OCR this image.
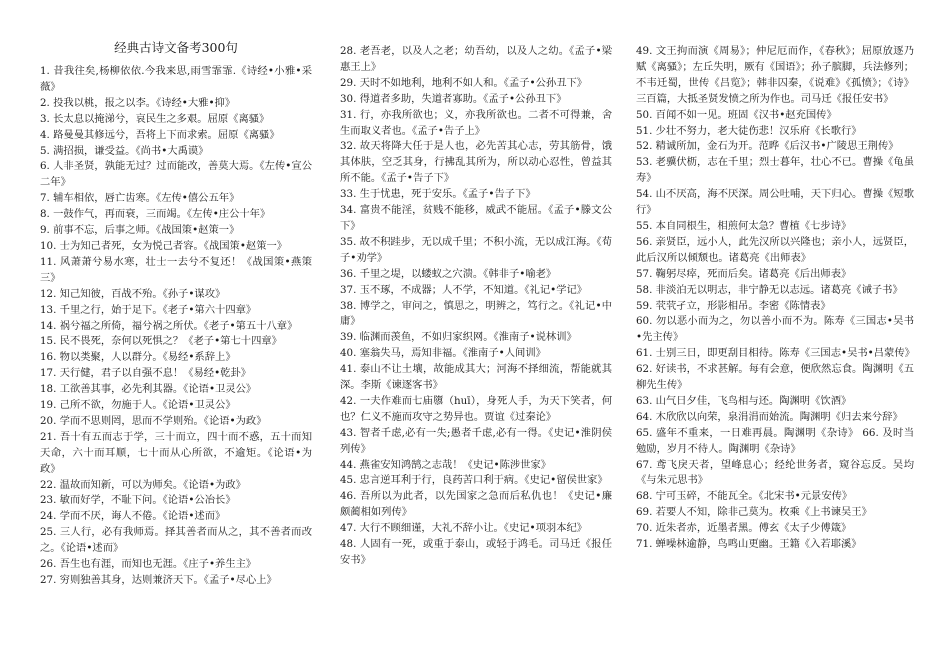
经典古诗文备考300句

1. 昔我往矣,杨柳依依.今我来思,雨雪霏霏.《诗经•小雅•采薇》

2. 投我以桃，报之以李。《诗经•大雅•抑》

3. 长太息以掩涕兮，哀民生之多艰。屈原《离骚》

4. 路曼曼其修远兮，吾将上下而求索。屈原《离骚》

5. 满招损，谦受益。《尚书•大禹谟》

6. 人非圣贤，孰能无过？过而能改，善莫大焉。《左传•宣公二年》

7. 辅车相依，唇亡齿寒。《左传•僖公五年》

8. 一鼓作气，再而衰，三而竭。《左传•庄公十年》

9. 前事不忘，后事之师。《战国策•赵策一》

10. 士为知己者死，女为悦己者容。《战国策•赵策一》

11. 风萧萧兮易水寒，壮士一去兮不复还！《战国策•燕策三》

12. 知己知彼，百战不殆。《孙子•谋攻》

13. 千里之行，始于足下。《老子•第六十四章》

14. 祸兮福之所倚，福兮祸之所伏。《老子•第五十八章》

15. 民不畏死，奈何以死惧之？《老子•第七十四章》

16. 物以类聚，人以群分。《易经•系辞上》

17. 天行健，君子以自强不息！《易经•乾卦》

18. 工欲善其事，必先利其器。《论语•卫灵公》

19. 己所不欲，勿施于人。《论语•卫灵公》

20. 学而不思则罔，思而不学则殆。《论语•为政》

21. 吾十有五而志于学，三十而立，四十而不惑，五十而知天命，六十而耳顺，七十而从心所欲，不逾矩。《论语•为政》

22. 温故而知新，可以为师矣。《论语•为政》

23. 敏而好学，不耻下问。《论语•公冶长》

24. 学而不厌，诲人不倦。《论语•述而》

25. 三人行，必有我师焉。择其善者而从之，其不善者而改之。《论语•述而》

26. 吾生也有涯，而知也无涯。《庄子•养生主》

27. 穷则独善其身，达则兼济天下。《孟子•尽心上》

28. 老吾老，以及人之老；幼吾幼，以及人之幼。《孟子•梁惠王上》

29. 天时不如地利，地利不如人和。《孟子•公孙丑下》

30. 得道者多助，失道者寡助。《孟子•公孙丑下》

31. 行，亦我所欲也；义，亦我所欲也。二者不可得兼，舍生而取义者也。《孟子•告子上》

32. 故天将降大任于是人也，必先苦其心志，劳其筋骨，饿其体肤，空乏其身，行拂乱其所为，所以动心忍性，曾益其所不能。《孟子•告子下》

33. 生于忧患，死于安乐。《孟子•告子下》

34. 富贵不能淫，贫贱不能移，威武不能屈。《孟子•滕文公下》

35. 故不积跬步，无以成千里；不积小流，无以成江海。《荀子•劝学》

36. 千里之堤，以蝼蚁之穴溃。《韩非子•喻老》

37. 玉不琢，不成器；人不学，不知道。《礼记•学记》

38. 博学之，审问之，慎思之，明辨之，笃行之。《礼记•中庸》

39. 临渊而羡鱼，不如归家织网。《淮南子•说林训》

40. 塞翁失马，焉知非福。《淮南子•人间训》

41. 泰山不让土壤，故能成其大；河海不择细流，帮能就其深。李斯《谏逐客书》

42. 一夫作难而七庙隳（huī），身死人手，为天下笑者，何也？仁义不施而攻守之势异也。贾谊《过秦论》

43. 智者千虑,必有一失;愚者千虑,必有一得。《史记•淮阴侯列传》

44. 燕雀安知鸿鹄之志哉！《史记•陈涉世家》

45. 忠言逆耳利于行，良药苦口利于病。《史记•留侯世家》

46. 吾所以为此者，以先国家之急而后私仇也！《史记•廉颇蔺相如列传》

47. 大行不顾细谨，大礼不辞小让。《史记•项羽本纪》

48. 人固有一死，或重于泰山，或轻于鸿毛。司马迁《报任安书》

49. 文王拘而演《周易》；仲尼厄而作，《春秋》；屈原放逐乃赋《离骚》；左丘失明，厥有《国语》；孙子膑脚，兵法修列；不韦迁蜀，世传《吕览》；韩非囚秦，《说难》《孤愤》；《诗》三百篇，大抵圣贤发愤之所为作也。司马迁《报任安书》

50. 百闻不如一见。班固《汉书•赵充国传》

51. 少壮不努力，老大徒伤悲！汉乐府《长歌行》

52. 精诚所加，金石为开。范晔《后汉书•广陵思王荆传》

53. 老骥伏枥，志在千里；烈士暮年，壮心不已。曹操《龟虽寿》

54. 山不厌高，海不厌深。周公吐哺，天下归心。曹操《短歌行》

55. 本自同根生，相煎何太急？曹植《七步诗》

56. 亲贤臣，远小人，此先汉所以兴隆也；亲小人，远贤臣，此后汉所以倾颓也。诸葛亮《出师表》

57. 鞠躬尽瘁，死而后矣。诸葛亮《后出师表》

58. 非淡泊无以明志，非宁静无以志远。诸葛亮《诫子书》

59. 茕茕孑立，形影相吊。李密《陈情表》

60. 勿以恶小而为之，勿以善小而不为。陈寿《三国志•吴书•先主传》

61. 士别三日，即更刮目相待。陈寿《三国志•吴书•吕蒙传》

62. 好读书，不求甚解。每有会意，便欣然忘食。陶渊明《五柳先生传》

63. 山气日夕佳，飞鸟相与还。陶渊明《饮酒》

64. 木欣欣以向荣，泉涓涓而始流。陶渊明《归去来兮辞》

65. 盛年不重来，一日难再晨。陶渊明《杂诗》 66. 及时当勉励，岁月不待人。陶渊明《杂诗》

67. 鸢飞戾天者，望峰息心；经纶世务者，窥谷忘反。吴均《与朱元思书》

68. 宁可玉碎，不能瓦全。《北宋书•元景安传》

69. 若要人不知，除非己莫为。枚乘《上书谏吴王》

70. 近朱者赤，近墨者黑。傅玄《太子少傅箴》

71. 蝉噪林逾静，鸟鸣山更幽。王籍《入若耶溪》
